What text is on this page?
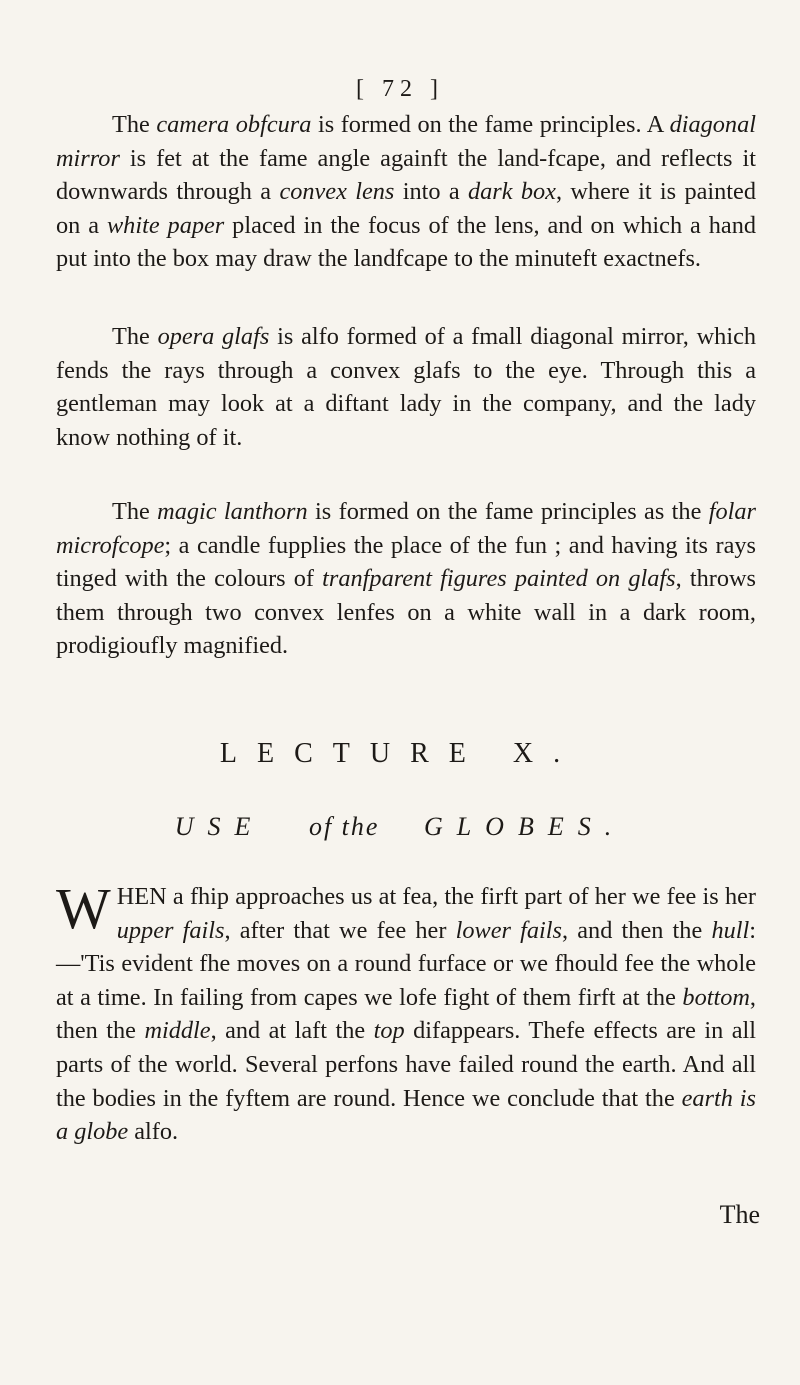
[ 72 ]

The camera obfcura is formed on the fame principles. A diagonal mirror is fet at the fame angle againft the land-fcape, and reflects it downwards through a convex lens into a dark box, where it is painted on a white paper placed in the focus of the lens, and on which a hand put into the box may draw the landfcape to the minuteft exactnefs.

The opera glafs is alfo formed of a fmall diagonal mirror, which fends the rays through a convex glafs to the eye. Through this a gentleman may look at a diftant lady in the company, and the lady know nothing of it.

The magic lanthorn is formed on the fame principles as the folar microfcope; a candle fupplies the place of the fun ; and having its rays tinged with the colours of tranfparent figures painted on glafs, throws them through two convex lenfes on a white wall in a dark room, prodigioufly magnified.

LECTURE X.
USE of the GLOBES.

WHEN a fhip approaches us at fea, the firft part of her we fee is her upper fails, after that we fee her lower fails, and then the hull:—'Tis evident fhe moves on a round furface or we fhould fee the whole at a time. In failing from capes we lofe fight of them firft at the bottom, then the middle, and at laft the top difappears. Thefe effects are in all parts of the world. Several perfons have failed round the earth. And all the bodies in the fyftem are round. Hence we conclude that the earth is a globe alfo.

The
